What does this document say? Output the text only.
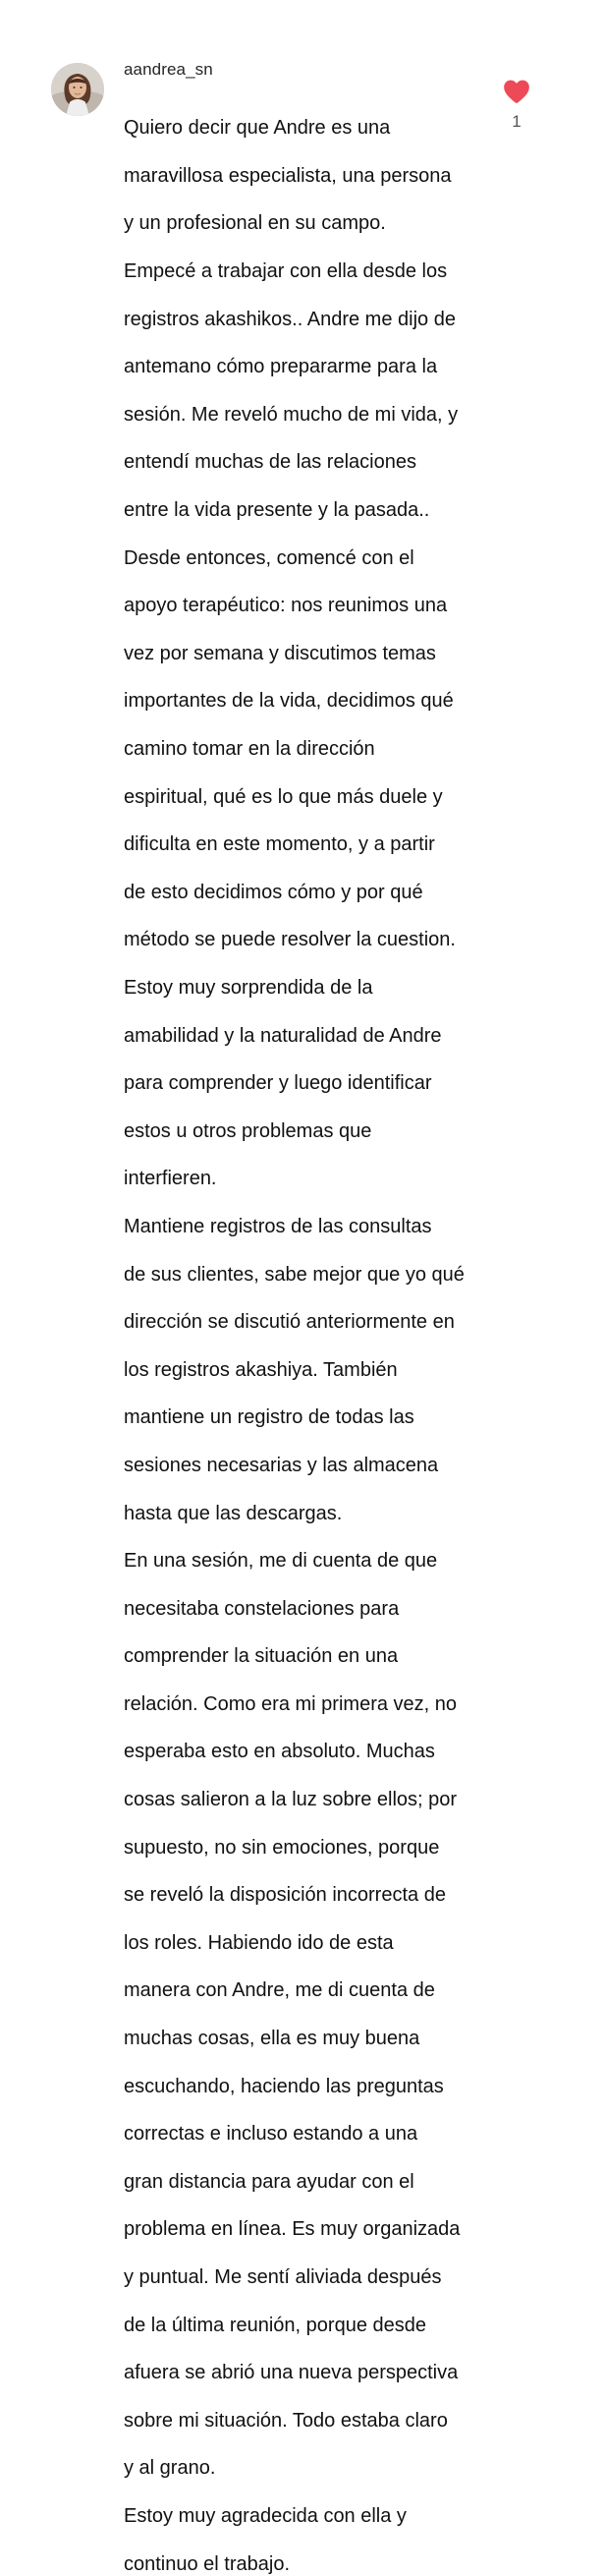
aandrea_sn

Quiero decir que Andre es una

maravillosa especialista, una persona

y un profesional en su campo.

Empecé a trabajar con ella desde los

registros akashikos.. Andre me dijo de

antemano cómo prepararme para la

sesión. Me reveló mucho de mi vida, y

entendí muchas de las relaciones

entre la vida presente y la pasada..

Desde entonces, comencé con el

apoyo terapéutico: nos reunimos una

vez por semana y discutimos temas

importantes de la vida, decidimos qué

camino tomar en la dirección

espiritual, qué es lo que más duele y

dificulta en este momento, y a partir

de esto decidimos cómo y por qué

método se puede resolver la cuestion.

Estoy muy sorprendida de la

amabilidad y la naturalidad de Andre

para comprender y luego identificar

estos u otros problemas que

interfieren.

Mantiene registros de las consultas

de sus clientes, sabe mejor que yo qué

dirección se discutió anteriormente en

los registros akashiya. También

mantiene un registro de todas las

sesiones necesarias y las almacena

hasta que las descargas.

En una sesión, me di cuenta de que

necesitaba constelaciones para

comprender la situación en una

relación. Como era mi primera vez, no

esperaba esto en absoluto. Muchas

cosas salieron a la luz sobre ellos; por

supuesto, no sin emociones, porque

se reveló la disposición incorrecta de

los roles. Habiendo ido de esta

manera con Andre, me di cuenta de

muchas cosas, ella es muy buena

escuchando, haciendo las preguntas

correctas e incluso estando a una

gran distancia para ayudar con el

problema en línea. Es muy organizada

y puntual. Me sentí aliviada después

de la última reunión, porque desde

afuera se abrió una nueva perspectiva

sobre mi situación. Todo estaba claro

y al grano.

Estoy muy agradecida con ella y

continuo el trabajo.

1
